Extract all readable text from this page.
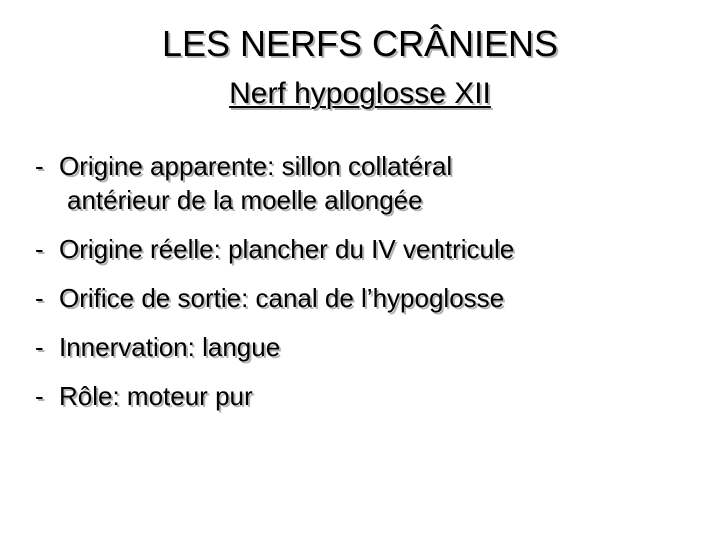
LES NERFS CRÂNIENS
Nerf hypoglosse XII
- Origine apparente: sillon collatéral
antérieur de la moelle allongée
- Origine réelle: plancher du IV ventricule
- Orifice de sortie: canal de l’hypoglosse
- Innervation: langue
- Rôle: moteur pur
